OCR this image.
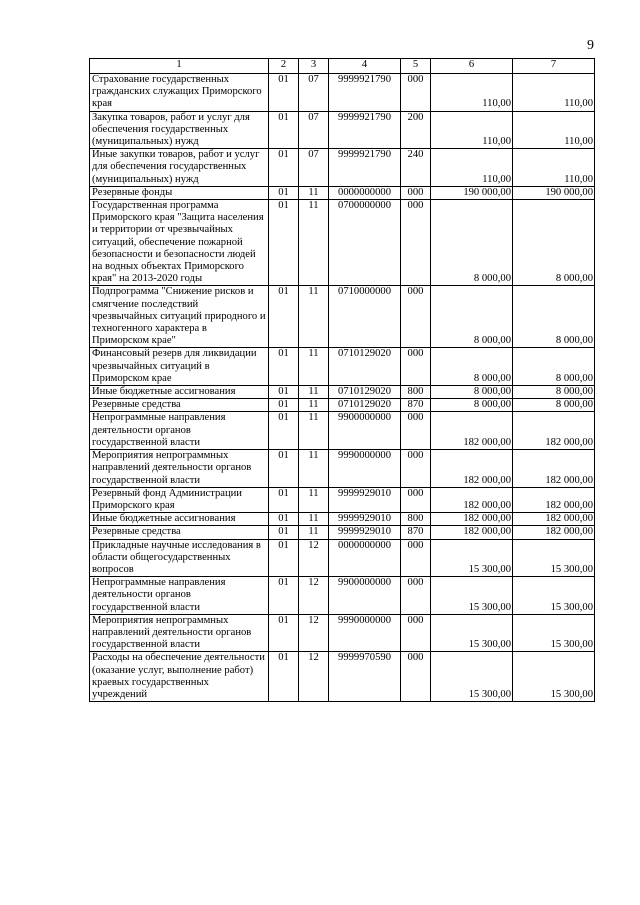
9
1	2	3	4	5	6	7
Страхование государственных гражданских служащих Приморского края	01	07	9999921790	000	110,00	110,00
Закупка товаров, работ и услуг для обеспечения государственных (муниципальных) нужд	01	07	9999921790	200	110,00	110,00
Иные закупки товаров, работ и услуг для обеспечения государственных (муниципальных) нужд	01	07	9999921790	240	110,00	110,00
Резервные фонды	01	11	0000000000	000	190 000,00	190 000,00
Государственная программа Приморского края "Защита населения и территории от чрезвычайных ситуаций, обеспечение пожарной безопасности и безопасности людей на водных объектах Приморского края" на 2013-2020 годы	01	11	0700000000	000	8 000,00	8 000,00
Подпрограмма "Снижение рисков и смягчение последствий чрезвычайных ситуаций природного и техногенного характера в Приморском крае"	01	11	0710000000	000	8 000,00	8 000,00
Финансовый резерв для ликвидации чрезвычайных ситуаций в Приморском крае	01	11	0710129020	000	8 000,00	8 000,00
Иные бюджетные ассигнования	01	11	0710129020	800	8 000,00	8 000,00
Резервные средства	01	11	0710129020	870	8 000,00	8 000,00
Непрограммные направления деятельности органов государственной власти	01	11	9900000000	000	182 000,00	182 000,00
Мероприятия непрограммных направлений деятельности органов государственной власти	01	11	9990000000	000	182 000,00	182 000,00
Резервный фонд Администрации Приморского края	01	11	9999929010	000	182 000,00	182 000,00
Иные бюджетные ассигнования	01	11	9999929010	800	182 000,00	182 000,00
Резервные средства	01	11	9999929010	870	182 000,00	182 000,00
Прикладные научные исследования в области общегосударственных вопросов	01	12	0000000000	000	15 300,00	15 300,00
Непрограммные направления деятельности органов государственной власти	01	12	9900000000	000	15 300,00	15 300,00
Мероприятия непрограммных направлений деятельности органов государственной власти	01	12	9990000000	000	15 300,00	15 300,00
Расходы на обеспечение деятельности (оказание услуг, выполнение работ) краевых государственных учреждений	01	12	9999970590	000	15 300,00	15 300,00
